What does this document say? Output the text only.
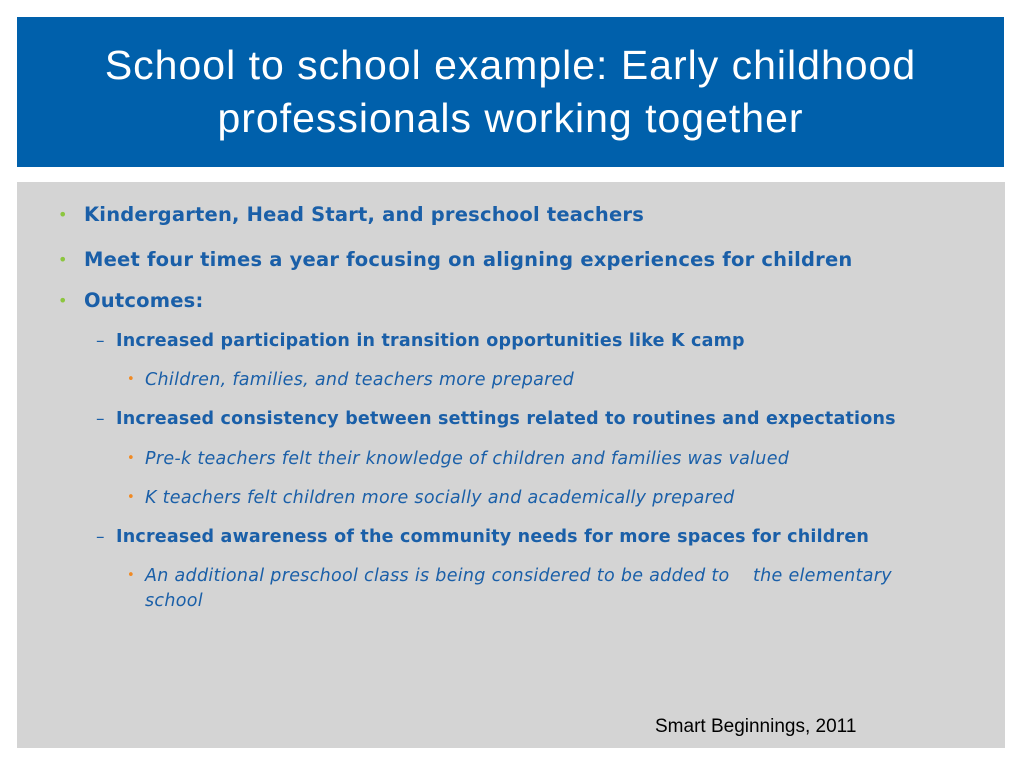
School to school example: Early childhood
professionals working together
• Kindergarten, Head Start, and preschool teachers
• Meet four times a year focusing on aligning experiences for children
• Outcomes:
– Increased participation in transition opportunities like K camp
• Children, families, and teachers more prepared
– Increased consistency between settings related to routines and expectations
• Pre-k teachers felt their knowledge of children and families was valued
• K teachers felt children more socially and academically prepared
– Increased awareness of the community needs for more spaces for children
• An additional preschool class is being considered to be added to    the elementary school
Smart Beginnings, 2011
